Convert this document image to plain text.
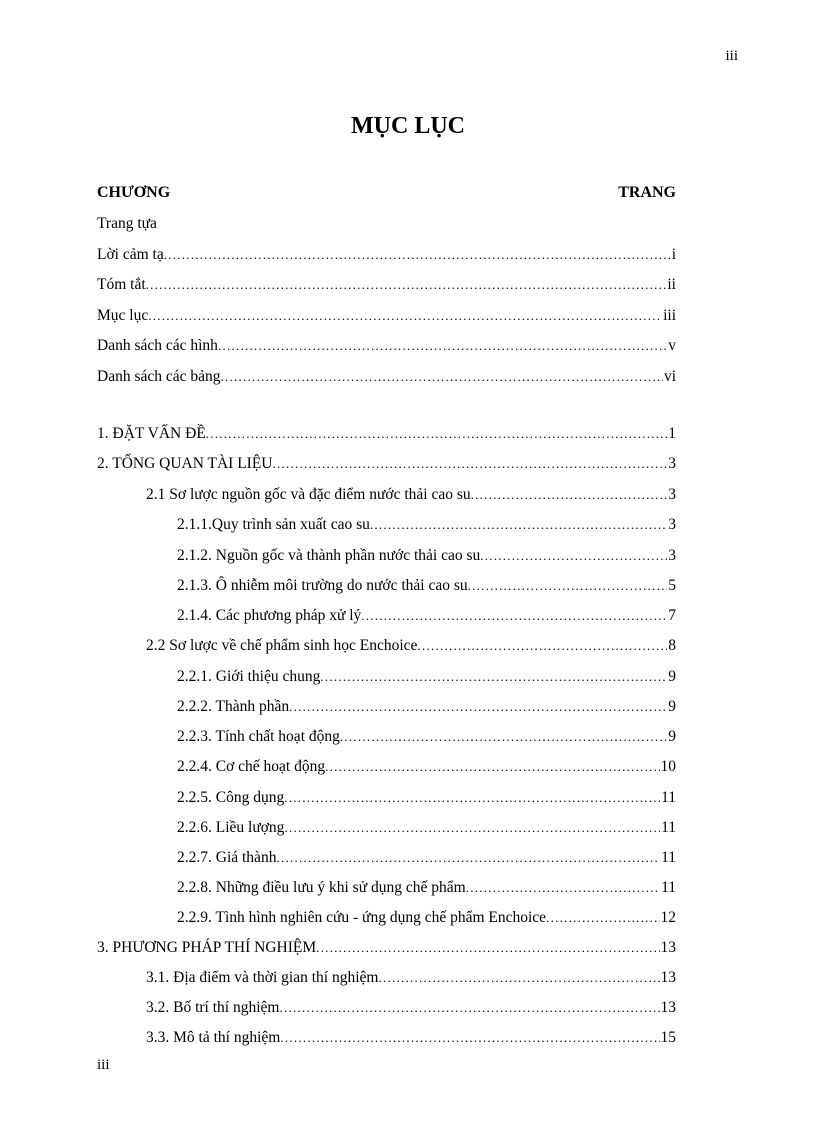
iii
MỤC LỤC
CHƯƠNG	TRANG
Trang tựa
Lời cảm tạ . . .	i
Tóm tắt . . .	ii
Mục lục . . .	iii
Danh sách các hình . . .	v
Danh sách các bảng . . .	vi
1. ĐẶT VẤN ĐỀ . . .	1
2. TỔNG QUAN TÀI LIỆU . . .	3
2.1 Sơ lược nguồn gốc và đặc điểm nước thải cao su . . .	3
2.1.1.Quy trình sản xuất cao su . . .	3
2.1.2. Nguồn gốc và thành phần nước thải cao su . . .	3
2.1.3. Ô nhiễm môi trường do nước thải cao su . . .	5
2.1.4. Các phương pháp xử lý . . .	7
2.2 Sơ lược về chế phẩm sinh học Enchoice . . .	8
2.2.1. Giới thiệu chung . . .	9
2.2.2. Thành phần . . .	9
2.2.3. Tính chất hoạt động . . .	9
2.2.4. Cơ chế hoạt động . . .	10
2.2.5. Công dụng . . .	11
2.2.6. Liều lượng . . .	11
2.2.7. Giá thành . . .	11
2.2.8. Những điều lưu ý khi sử dụng chế phẩm . . .	11
2.2.9. Tình hình nghiên cứu - ứng dụng chế phẩm Enchoice . . .	12
3. PHƯƠNG PHÁP THÍ NGHIỆM . . .	13
3.1. Địa điểm và thời gian thí nghiệm . . .	13
3.2. Bố trí thí nghiệm . . .	13
3.3. Mô tả thí nghiệm . . .	15
iii
